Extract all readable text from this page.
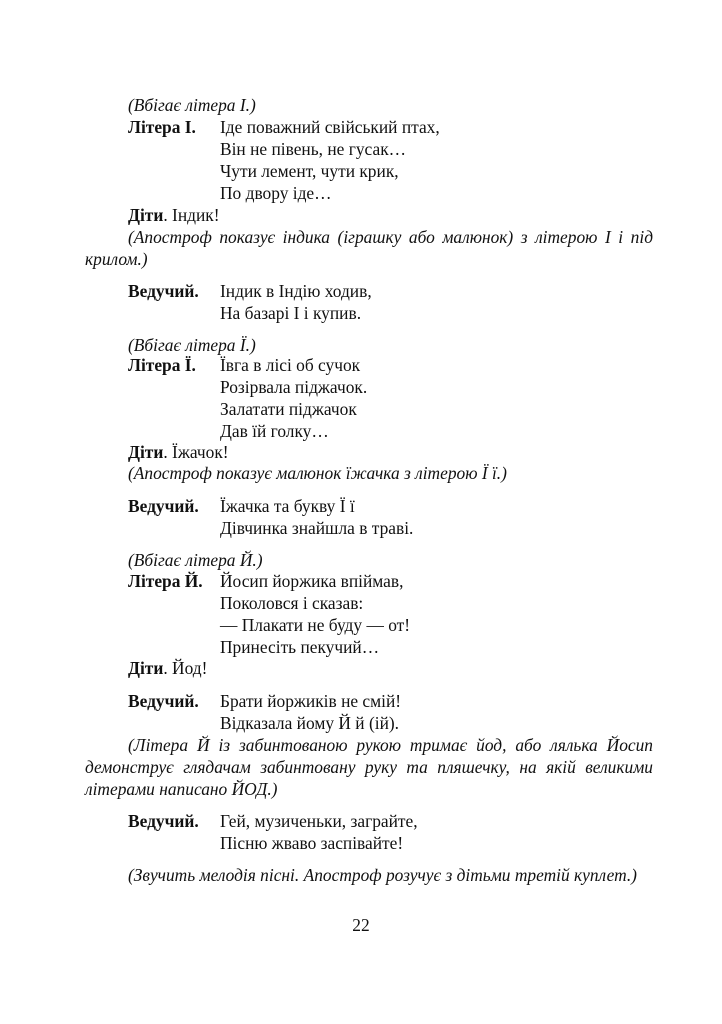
(Вбігає літера І.)
Літера І. Іде поважний свійський птах,
Він не півень, не гусак…
Чути лемент, чути крик,
По двору іде…
Діти. Індик!
(Апостроф показує індика (іграшку або малюнок) з літерою І і під крилом.)
Ведучий. Індик в Індію ходив,
На базарі І і купив.
(Вбігає літера Ї.)
Літера Ї. Ївга в лісі об сучок
Розірвала піджачок.
Залатати піджачок
Дав їй голку…
Діти. Їжачок!
(Апостроф показує малюнок їжачка з літерою Ї ї.)
Ведучий. Їжачка та букву Ї ї
Дівчинка знайшла в траві.
(Вбігає літера Й.)
Літера Й. Йосип йоржика впіймав,
Поколовся і сказав:
— Плакати не буду — от!
Принесіть пекучий…
Діти. Йод!
Ведучий. Брати йоржиків не смій!
Відказала йому Й й (ій).
(Літера Й із забинтованою рукою тримає йод, або лялька Йосип демонструє глядачам забинтовану руку та пляшечку, на якій великими літерами написано ЙОД.)
Ведучий. Гей, музиченьки, заграйте,
Пісню жваво заспівайте!
(Звучить мелодія пісні. Апостроф розучує з дітьми третій куплет.)
22
